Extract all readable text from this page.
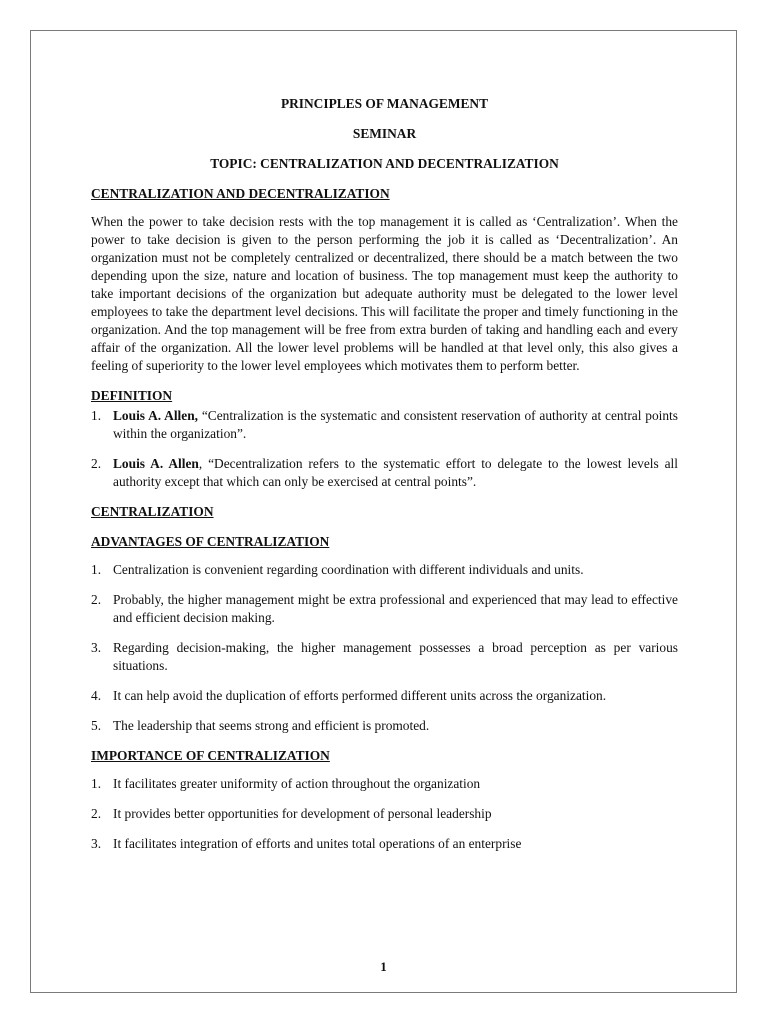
PRINCIPLES OF MANAGEMENT
SEMINAR
TOPIC: CENTRALIZATION AND DECENTRALIZATION
CENTRALIZATION AND DECENTRALIZATION

When the power to take decision rests with the top management it is called as ‘Centralization’. When the power to take decision is given to the person performing the job it is called as ‘Decentralization’. An organization must not be completely centralized or decentralized, there should be a match between the two depending upon the size, nature and location of business. The top management must keep the authority to take important decisions of the organization but adequate authority must be delegated to the lower level employees to take the department level decisions. This will facilitate the proper and timely functioning in the organization. And the top management will be free from extra burden of taking and handling each and every affair of the organization. All the lower level problems will be handled at that level only, this also gives a feeling of superiority to the lower level employees which motivates them to perform better.

DEFINITION
1. Louis A. Allen, “Centralization is the systematic and consistent reservation of authority at central points within the organization”.
2. Louis A. Allen, “Decentralization refers to the systematic effort to delegate to the lowest levels all authority except that which can only be exercised at central points”.
CENTRALIZATION
ADVANTAGES OF CENTRALIZATION
1. Centralization is convenient regarding coordination with different individuals and units.
2. Probably, the higher management might be extra professional and experienced that may lead to effective and efficient decision making.
3. Regarding decision-making, the higher management possesses a broad perception as per various situations.
4. It can help avoid the duplication of efforts performed different units across the organization.
5. The leadership that seems strong and efficient is promoted.
IMPORTANCE OF CENTRALIZATION
1. It facilitates greater uniformity of action throughout the organization
2. It provides better opportunities for development of personal leadership
3. It facilitates integration of efforts and unites total operations of an enterprise
1
